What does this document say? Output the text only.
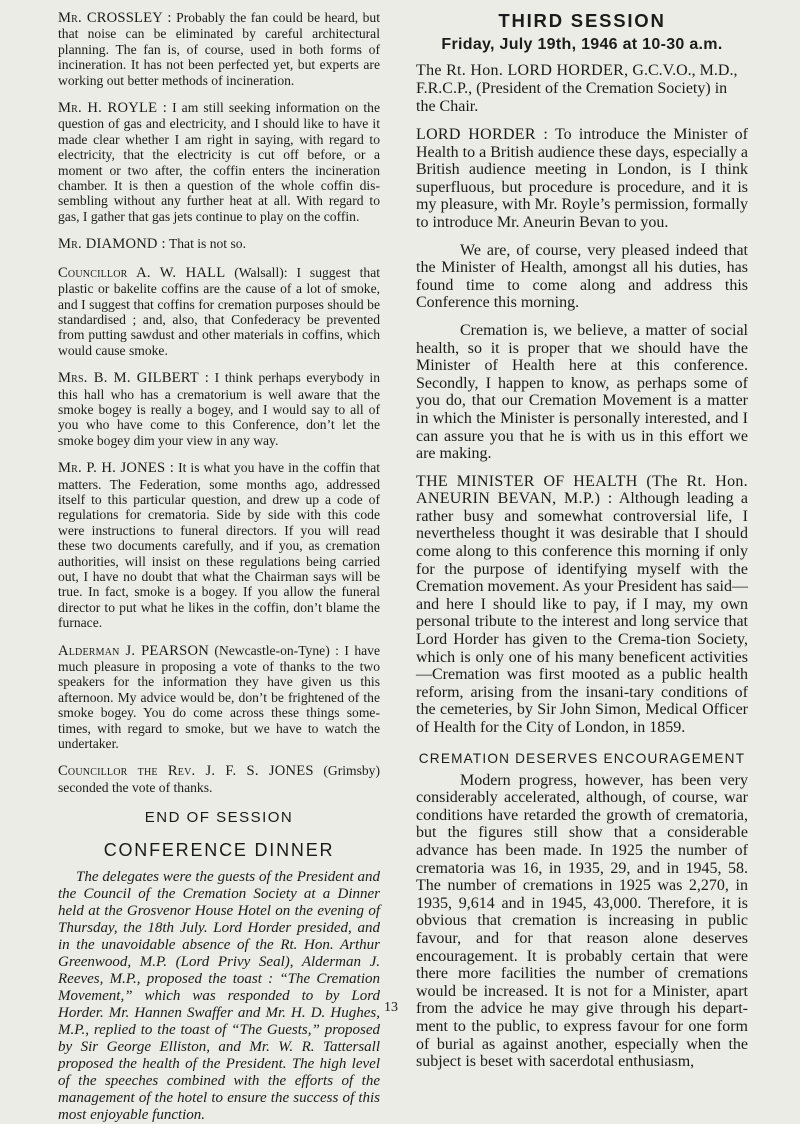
Mr. CROSSLEY : Probably the fan could be heard, but that noise can be eliminated by careful architectural planning. The fan is, of course, used in both forms of incineration. It has not been perfected yet, but experts are working out better methods of incineration.

Mr. H. ROYLE : I am still seeking information on the question of gas and electricity, and I should like to have it made clear whether I am right in saying, with regard to electricity, that the electricity is cut off before, or a moment or two after, the coffin enters the incineration chamber. It is then a question of the whole coffin dis-sembling without any further heat at all. With regard to gas, I gather that gas jets continue to play on the coffin.

Mr. DIAMOND : That is not so.

Councillor A. W. HALL (Walsall): I suggest that plastic or bakelite coffins are the cause of a lot of smoke, and I suggest that coffins for cremation purposes should be standardised ; and, also, that Confederacy be prevented from putting sawdust and other materials in coffins, which would cause smoke.

Mrs. B. M. GILBERT : I think perhaps everybody in this hall who has a crematorium is well aware that the smoke bogey is really a bogey, and I would say to all of you who have come to this Conference, don’t let the smoke bogey dim your view in any way.

Mr. P. H. JONES : It is what you have in the coffin that matters. The Federation, some months ago, addressed itself to this particular question, and drew up a code of regulations for crematoria. Side by side with this code were instructions to funeral directors. If you will read these two documents carefully, and if you, as cremation authorities, will insist on these regulations being carried out, I have no doubt that what the Chairman says will be true. In fact, smoke is a bogey. If you allow the funeral director to put what he likes in the coffin, don’t blame the furnace.

Alderman J. PEARSON (Newcastle-on-Tyne) : I have much pleasure in proposing a vote of thanks to the two speakers for the information they have given us this afternoon. My advice would be, don’t be frightened of the smoke bogey. You do come across these things some-times, with regard to smoke, but we have to watch the undertaker.

Councillor the Rev. J. F. S. JONES (Grimsby) seconded the vote of thanks.

END OF SESSION
CONFERENCE DINNER

The delegates were the guests of the President and the Council of the Cremation Society at a Dinner held at the Grosvenor House Hotel on the evening of Thursday, the 18th July. Lord Horder presided, and in the unavoidable absence of the Rt. Hon. Arthur Greenwood, M.P. (Lord Privy Seal), Alderman J. Reeves, M.P., proposed the toast : “The Cremation Movement,” which was responded to by Lord Horder. Mr. Hannen Swaffer and Mr. H. D. Hughes, M.P., replied to the toast of “The Guests,” proposed by Sir George Elliston, and Mr. W. R. Tattersall proposed the health of the President. The high level of the speeches combined with the efforts of the management of the hotel to ensure the success of this most enjoyable function.

THIRD SESSION
Friday, July 19th, 1946 at 10-30 a.m.

The Rt. Hon. LORD HORDER, G.C.V.O., M.D., F.R.C.P., (President of the Cremation Society) in the Chair.

LORD HORDER : To introduce the Minister of Health to a British audience these days, especially a British audience meeting in London, is I think superfluous, but procedure is procedure, and it is my pleasure, with Mr. Royle’s permission, formally to introduce Mr. Aneurin Bevan to you.

We are, of course, very pleased indeed that the Minister of Health, amongst all his duties, has found time to come along and address this Conference this morning.

Cremation is, we believe, a matter of social health, so it is proper that we should have the Minister of Health here at this conference. Secondly, I happen to know, as perhaps some of you do, that our Cremation Movement is a matter in which the Minister is personally interested, and I can assure you that he is with us in this effort we are making.

THE MINISTER OF HEALTH (The Rt. Hon. ANEURIN BEVAN, M.P.) : Although leading a rather busy and somewhat controversial life, I nevertheless thought it was desirable that I should come along to this conference this morning if only for the purpose of identifying myself with the Cremation movement. As your President has said—and here I should like to pay, if I may, my own personal tribute to the interest and long service that Lord Horder has given to the Crema-tion Society, which is only one of his many beneficent activities—Cremation was first mooted as a public health reform, arising from the insani-tary conditions of the cemeteries, by Sir John Simon, Medical Officer of Health for the City of London, in 1859.

CREMATION DESERVES ENCOURAGEMENT

Modern progress, however, has been very considerably accelerated, although, of course, war conditions have retarded the growth of crematoria, but the figures still show that a considerable advance has been made. In 1925 the number of crematoria was 16, in 1935, 29, and in 1945, 58. The number of cremations in 1925 was 2,270, in 1935, 9,614 and in 1945, 43,000. Therefore, it is obvious that cremation is increasing in public favour, and for that reason alone deserves encouragement. It is probably certain that were there more facilities the number of cremations would be increased. It is not for a Minister, apart from the advice he may give through his depart-ment to the public, to express favour for one form of burial as against another, especially when the subject is beset with sacerdotal enthusiasm,

13
